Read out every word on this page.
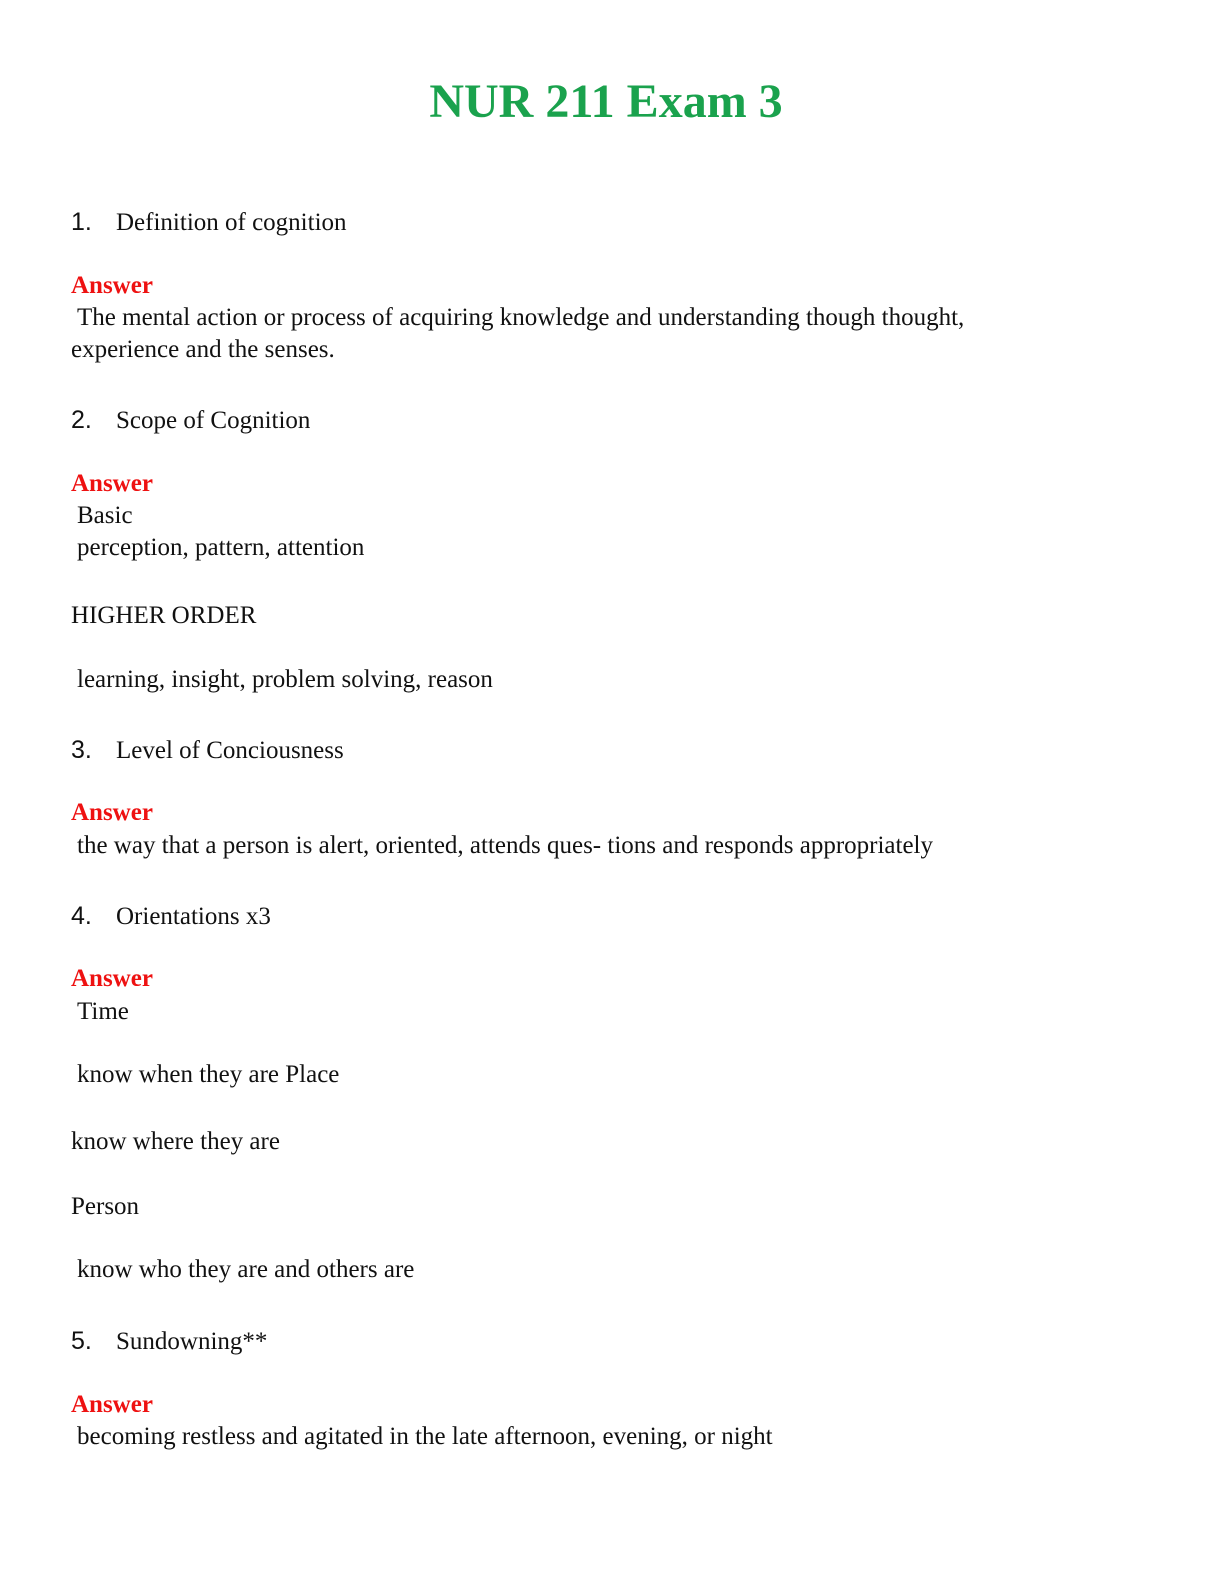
NUR 211 Exam 3
1. Definition of cognition
Answer
The mental action or process of acquiring knowledge and understanding though thought,
experience and the senses.
2. Scope of Cognition
Answer
Basic
perception, pattern, attention
HIGHER ORDER
learning, insight, problem solving, reason
3. Level of Conciousness
Answer
the way that a person is alert, oriented, attends ques- tions and responds appropriately
4. Orientations x3
Answer
Time
know when they are Place
know where they are
Person
know who they are and others are
5. Sundowning**
Answer
becoming restless and agitated in the late afternoon, evening, or night
